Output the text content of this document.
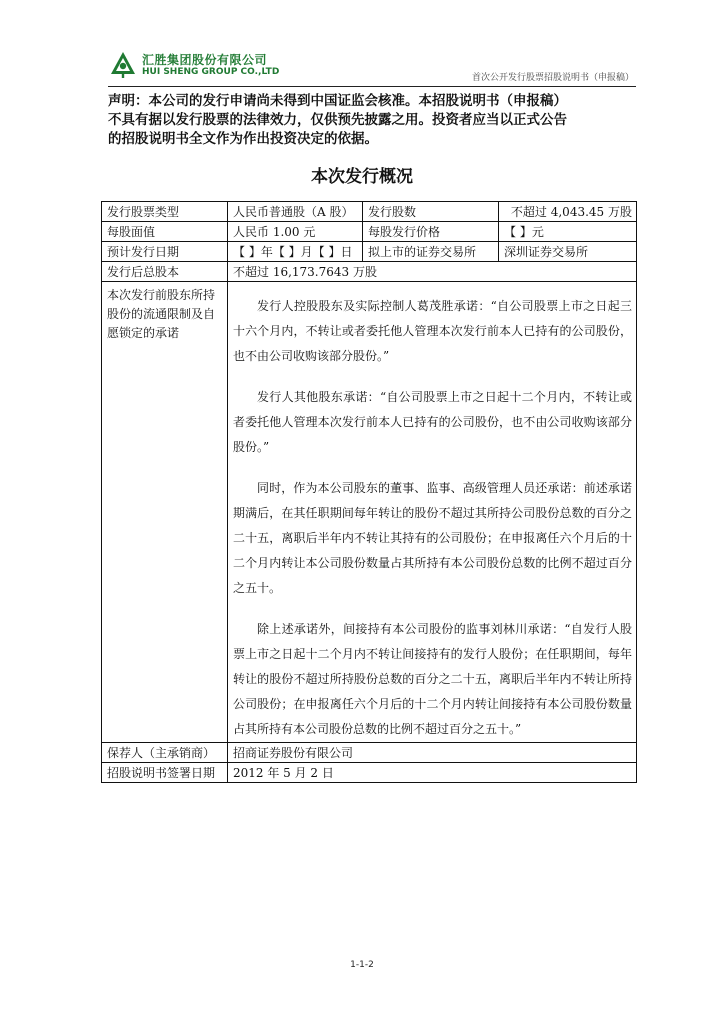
汇胜集团股份有限公司
HUI SHENG GROUP CO.,LTD
首次公开发行股票招股说明书（申报稿）
声明：本公司的发行申请尚未得到中国证监会核准。本招股说明书（申报稿）
不具有据以发行股票的法律效力，仅供预先披露之用。投资者应当以正式公告
的招股说明书全文作为作出投资决定的依据。
本次发行概况
发行股票类型	人民币普通股（A 股）	发行股数	不超过 4,043.45 万股
每股面值	人民币 1.00 元	每股发行价格	【 】元
预计发行日期	【 】年【 】月【 】日	拟上市的证券交易所	深圳证券交易所
发行后总股本	不超过 16,173.7643 万股		
本次发行前股东所持股份的流通限制及自愿锁定的承诺	发行人控股股东及实际控制人葛茂胜承诺：“自公司股票上市之日起三十六个月内，不转让或者委托他人管理本次发行前本人已持有的公司股份，也不由公司收购该部分股份。”

发行人其他股东承诺：“自公司股票上市之日起十二个月内，不转让或者委托他人管理本次发行前本人已持有的公司股份，也不由公司收购该部分股份。”

同时，作为本公司股东的董事、监事、高级管理人员还承诺：前述承诺期满后，在其任职期间每年转让的股份不超过其所持公司股份总数的百分之二十五，离职后半年内不转让其持有的公司股份；在申报离任六个月后的十二个月内转让本公司股份数量占其所持有本公司股份总数的比例不超过百分之五十。

除上述承诺外，间接持有本公司股份的监事刘林川承诺：“自发行人股票上市之日起十二个月内不转让间接持有的发行人股份；在任职期间，每年转让的股份不超过所持股份总数的百分之二十五，离职后半年内不转让所持公司股份；在申报离任六个月后的十二个月内转让间接持有本公司股份数量占其所持有本公司股份总数的比例不超过百分之五十。”		

保荐人（主承销商）	招商证券股份有限公司		
招股说明书签署日期	2012 年 5 月 2 日		
1-1-2
